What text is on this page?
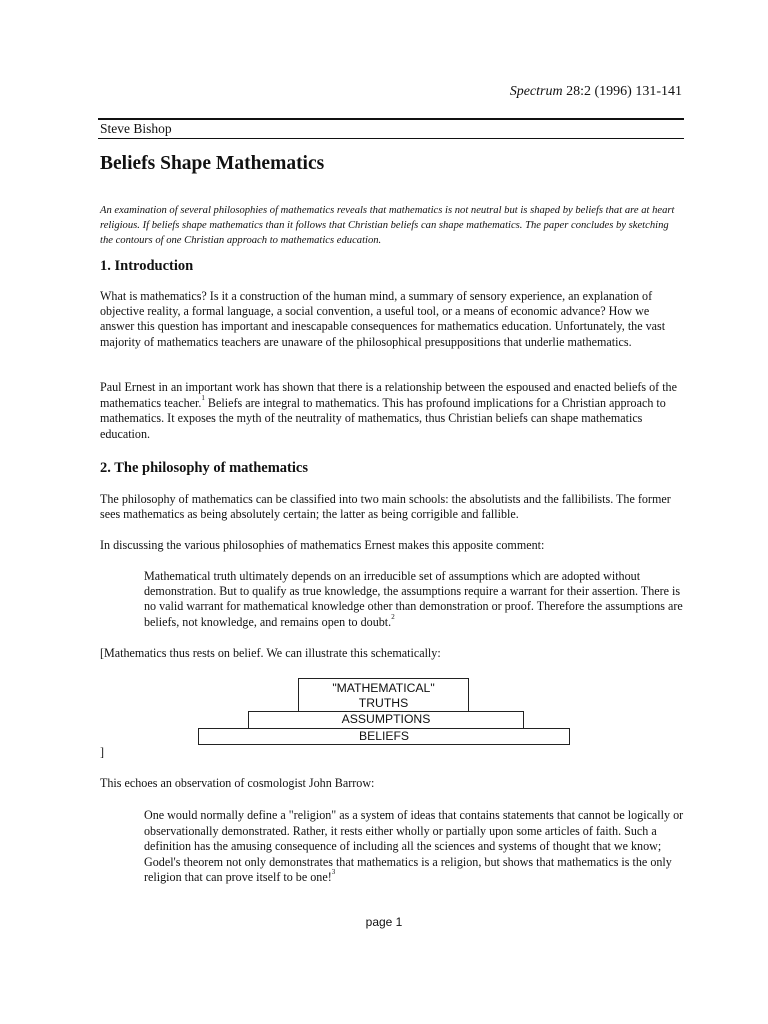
Spectrum 28:2 (1996) 131-141
Steve Bishop
Beliefs Shape Mathematics
An examination of several philosophies of mathematics reveals that mathematics is not neutral but is shaped by beliefs that are at heart religious. If beliefs shape mathematics than it follows that Christian beliefs can shape mathematics. The paper concludes by sketching the contours of one Christian approach to mathematics education.
1. Introduction
What is mathematics? Is it a construction of the human mind, a summary of sensory experience, an explanation of objective reality, a formal language, a social convention, a useful tool, or a means of economic advance? How we answer this question has important and inescapable consequences for mathematics education. Unfortunately, the vast majority of mathematics teachers are unaware of the philosophical presuppositions that underlie mathematics.
Paul Ernest in an important work has shown that there is a relationship between the espoused and enacted beliefs of the mathematics teacher.$^1$ Beliefs are integral to mathematics. This has profound implications for a Christian approach to mathematics. It exposes the myth of the neutrality of mathematics, thus Christian beliefs can shape mathematics education.
2. The philosophy of mathematics
The philosophy of mathematics can be classified into two main schools: the absolutists and the fallibilists. The former sees mathematics as being absolutely certain; the latter as being corrigible and fallible.
In discussing the various philosophies of mathematics Ernest makes this apposite comment:
Mathematical truth ultimately depends on an irreducible set of assumptions which are adopted without demonstration. But to qualify as true knowledge, the assumptions require a warrant for their assertion. There is no valid warrant for mathematical knowledge other than demonstration or proof. Therefore the assumptions are beliefs, not knowledge, and remains open to doubt.$^2$
[Mathematics thus rests on belief. We can illustrate this schematically:
"MATHEMATICAL"
TRUTHS
ASSUMPTIONS
BELIEFS
]
This echoes an observation of cosmologist John Barrow:
One would normally define a "religion" as a system of ideas that contains statements that cannot be logically or observationally demonstrated. Rather, it rests either wholly or partially upon some articles of faith. Such a definition has the amusing consequence of including all the sciences and systems of thought that we know; Godel's theorem not only demonstrates that mathematics is a religion, but shows that mathematics is the only religion that can prove itself to be one!$^3$
page 1
